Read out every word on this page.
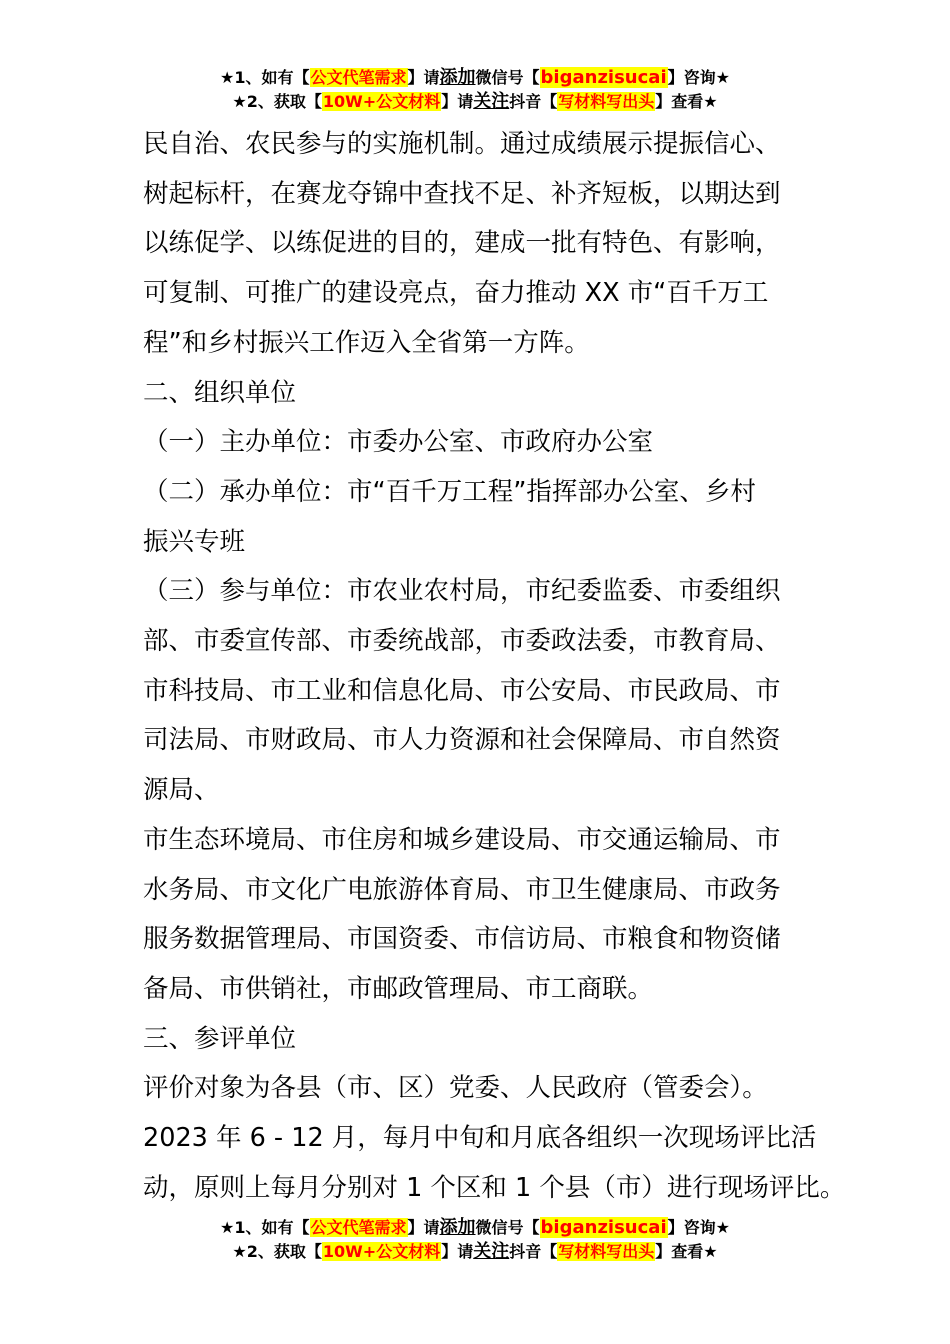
★1、如有【公文代笔需求】请添加微信号【biganzisucai】咨询★
★2、获取【10W+公文材料】请关注抖音【写材料写出头】查看★

民自治、农民参与的实施机制。通过成绩展示提振信心、

树起标杆，在赛龙夺锦中查找不足、补齐短板，以期达到

以练促学、以练促进的目的，建成一批有特色、有影响，

可复制、可推广的建设亮点，奋力推动 XX 市“百千万工

程”和乡村振兴工作迈入全省第一方阵。

二、组织单位

（一）主办单位：市委办公室、市政府办公室

（二）承办单位：市“百千万工程”指挥部办公室、乡村

振兴专班

（三）参与单位：市农业农村局，市纪委监委、市委组织

部、市委宣传部、市委统战部，市委政法委，市教育局、

市科技局、市工业和信息化局、市公安局、市民政局、市

司法局、市财政局、市人力资源和社会保障局、市自然资

源局、

市生态环境局、市住房和城乡建设局、市交通运输局、市

水务局、市文化广电旅游体育局、市卫生健康局、市政务

服务数据管理局、市国资委、市信访局、市粮食和物资储

备局、市供销社，市邮政管理局、市工商联。

三、参评单位

评价对象为各县（市、区）党委、人民政府（管委会）。

2023 年 6 - 12 月，每月中旬和月底各组织一次现场评比活

动，原则上每月分别对 1 个区和 1 个县（市）进行现场评比。

★1、如有【公文代笔需求】请添加微信号【biganzisucai】咨询★
★2、获取【10W+公文材料】请关注抖音【写材料写出头】查看★
